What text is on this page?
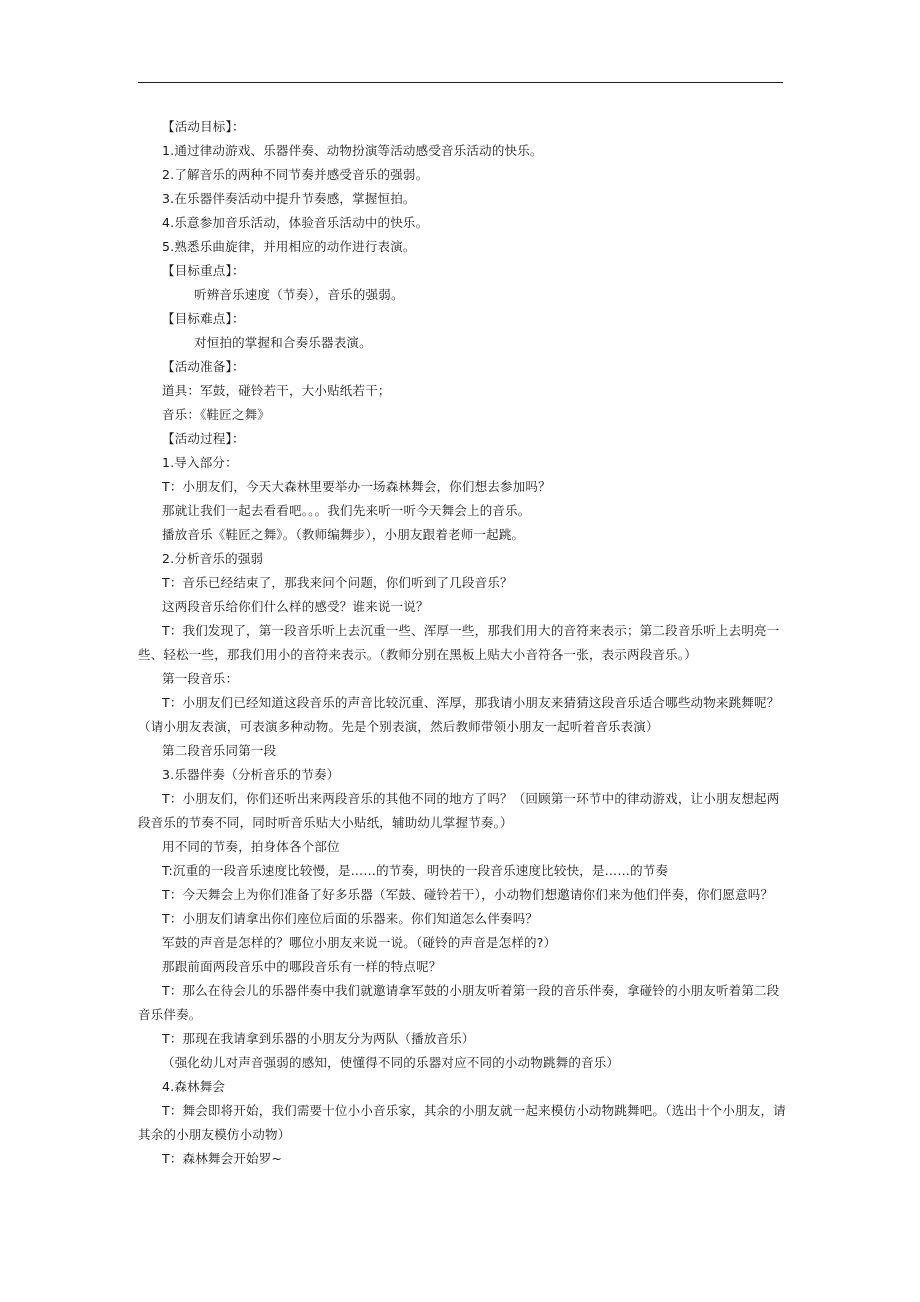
【活动目标】：
1.通过律动游戏、乐器伴奏、动物扮演等活动感受音乐活动的快乐。
2.了解音乐的两种不同节奏并感受音乐的强弱。
3.在乐器伴奏活动中提升节奏感，掌握恒拍。
4.乐意参加音乐活动，体验音乐活动中的快乐。
5.熟悉乐曲旋律，并用相应的动作进行表演。
【目标重点】：
听辨音乐速度（节奏），音乐的强弱。
【目标难点】：
对恒拍的掌握和合奏乐器表演。
【活动准备】：
道具：军鼓，碰铃若干，大小贴纸若干；
音乐：《鞋匠之舞》
【活动过程】：
1.导入部分：
T：小朋友们，今天大森林里要举办一场森林舞会，你们想去参加吗？
那就让我们一起去看看吧。。。我们先来听一听今天舞会上的音乐。
播放音乐《鞋匠之舞》。（教师编舞步），小朋友跟着老师一起跳。
2.分析音乐的强弱
T：音乐已经结束了，那我来问个问题，你们听到了几段音乐？
这两段音乐给你们什么样的感受？谁来说一说？
T：我们发现了，第一段音乐听上去沉重一些、浑厚一些，那我们用大的音符来表示；第二段音乐听上去明亮一些、轻松一些，那我们用小的音符来表示。（教师分别在黑板上贴大小音符各一张，表示两段音乐。）
第一段音乐：
T：小朋友们已经知道这段音乐的声音比较沉重、浑厚，那我请小朋友来猜猜这段音乐适合哪些动物来跳舞呢？（请小朋友表演，可表演多种动物。先是个别表演，然后教师带领小朋友一起听着音乐表演）
第二段音乐同第一段
3.乐器伴奏（分析音乐的节奏）
T：小朋友们，你们还听出来两段音乐的其他不同的地方了吗？（回顾第一环节中的律动游戏，让小朋友想起两段音乐的节奏不同，同时听音乐贴大小贴纸，辅助幼儿掌握节奏。）
用不同的节奏，拍身体各个部位
T:沉重的一段音乐速度比较慢，是……的节奏，明快的一段音乐速度比较快，是……的节奏
T：今天舞会上为你们准备了好多乐器（军鼓、碰铃若干），小动物们想邀请你们来为他们伴奏，你们愿意吗？
T：小朋友们请拿出你们座位后面的乐器来。你们知道怎么伴奏吗？
军鼓的声音是怎样的？哪位小朋友来说一说。（碰铃的声音是怎样的?）
那跟前面两段音乐中的哪段音乐有一样的特点呢？
T：那么在待会儿的乐器伴奏中我们就邀请拿军鼓的小朋友听着第一段的音乐伴奏，拿碰铃的小朋友听着第二段音乐伴奏。
T：那现在我请拿到乐器的小朋友分为两队（播放音乐）
（强化幼儿对声音强弱的感知，使懂得不同的乐器对应不同的小动物跳舞的音乐）
4.森林舞会
T：舞会即将开始，我们需要十位小小音乐家，其余的小朋友就一起来模仿小动物跳舞吧。（选出十个小朋友，请其余的小朋友模仿小动物）
T：森林舞会开始罗~
